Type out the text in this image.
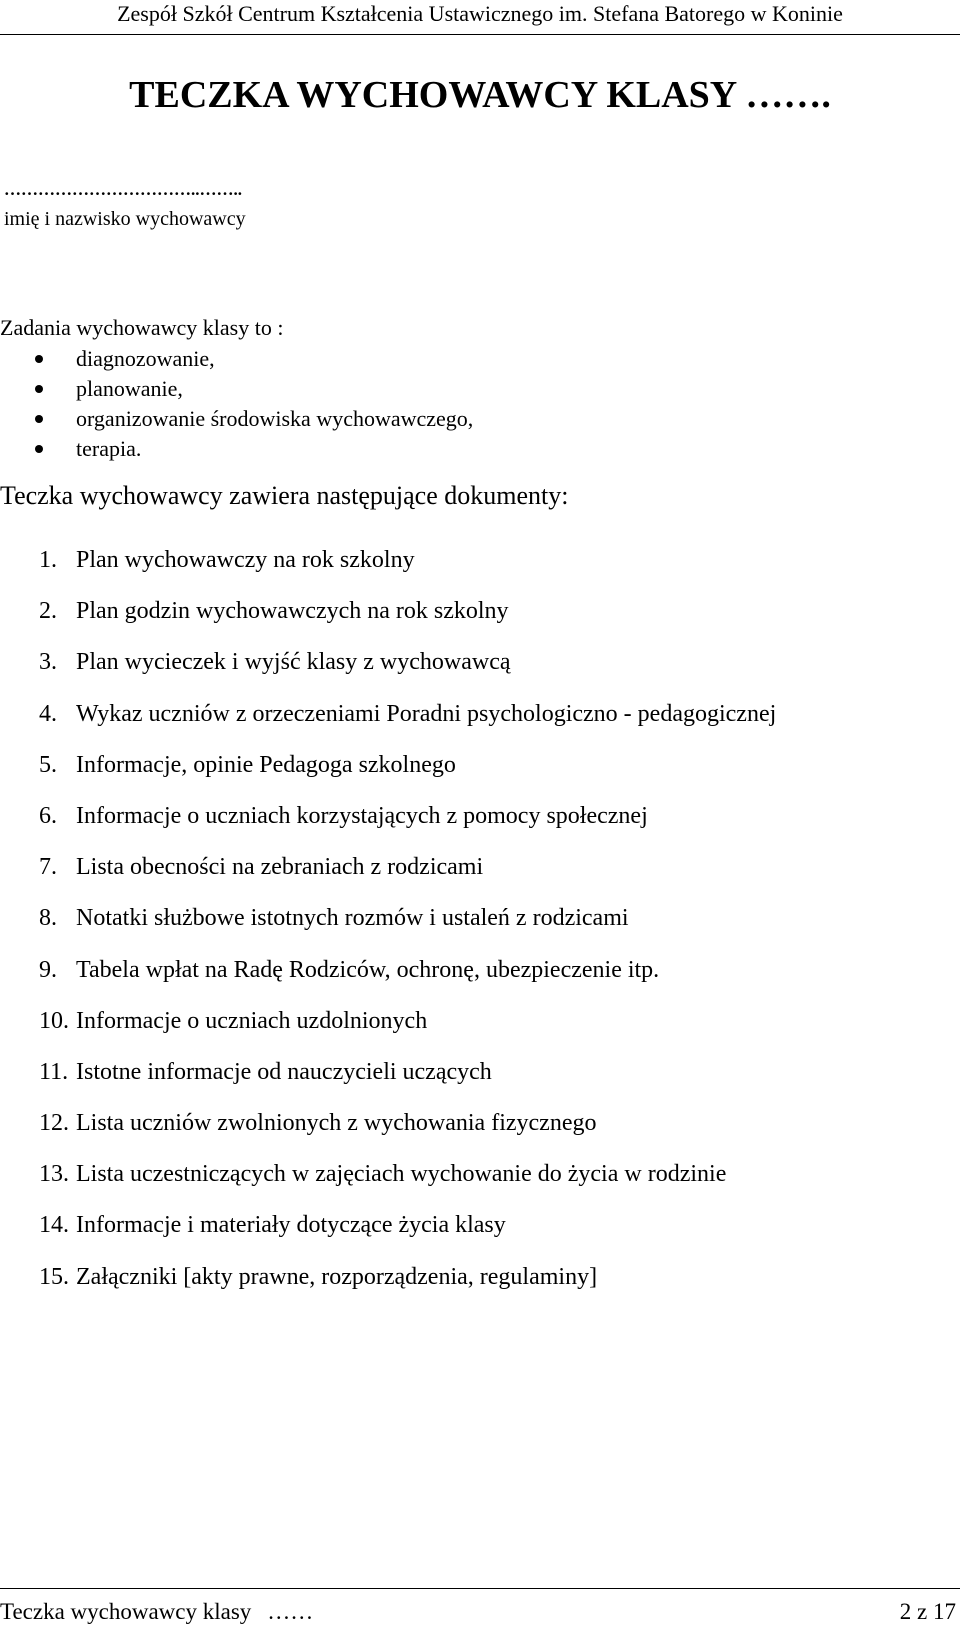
Zespół Szkół Centrum Kształcenia Ustawicznego im. Stefana Batorego w Koninie
TECZKA WYCHOWAWCY KLASY …….
……………………………..……..
imię i nazwisko wychowawcy
Zadania wychowawcy klasy to :
diagnozowanie,
planowanie,
organizowanie środowiska wychowawczego,
terapia.
Teczka wychowawcy zawiera następujące dokumenty:
1. Plan wychowawczy na rok szkolny
2. Plan godzin wychowawczych na rok szkolny
3. Plan wycieczek i wyjść klasy z wychowawcą
4. Wykaz uczniów z orzeczeniami Poradni psychologiczno - pedagogicznej
5. Informacje, opinie Pedagoga szkolnego
6. Informacje o uczniach korzystających z pomocy społecznej
7. Lista obecności na zebraniach z rodzicami
8. Notatki służbowe istotnych rozmów i ustaleń z rodzicami
9. Tabela wpłat na Radę Rodziców, ochronę, ubezpieczenie itp.
10. Informacje o uczniach uzdolnionych
11. Istotne informacje od nauczycieli uczących
12. Lista uczniów zwolnionych z wychowania fizycznego
13. Lista uczestniczących w zajęciach wychowanie do życia w rodzinie
14. Informacje i materiały dotyczące życia klasy
15. Załączniki [akty prawne, rozporządzenia, regulaminy]
Teczka wychowawcy klasy ……	2 z 17
